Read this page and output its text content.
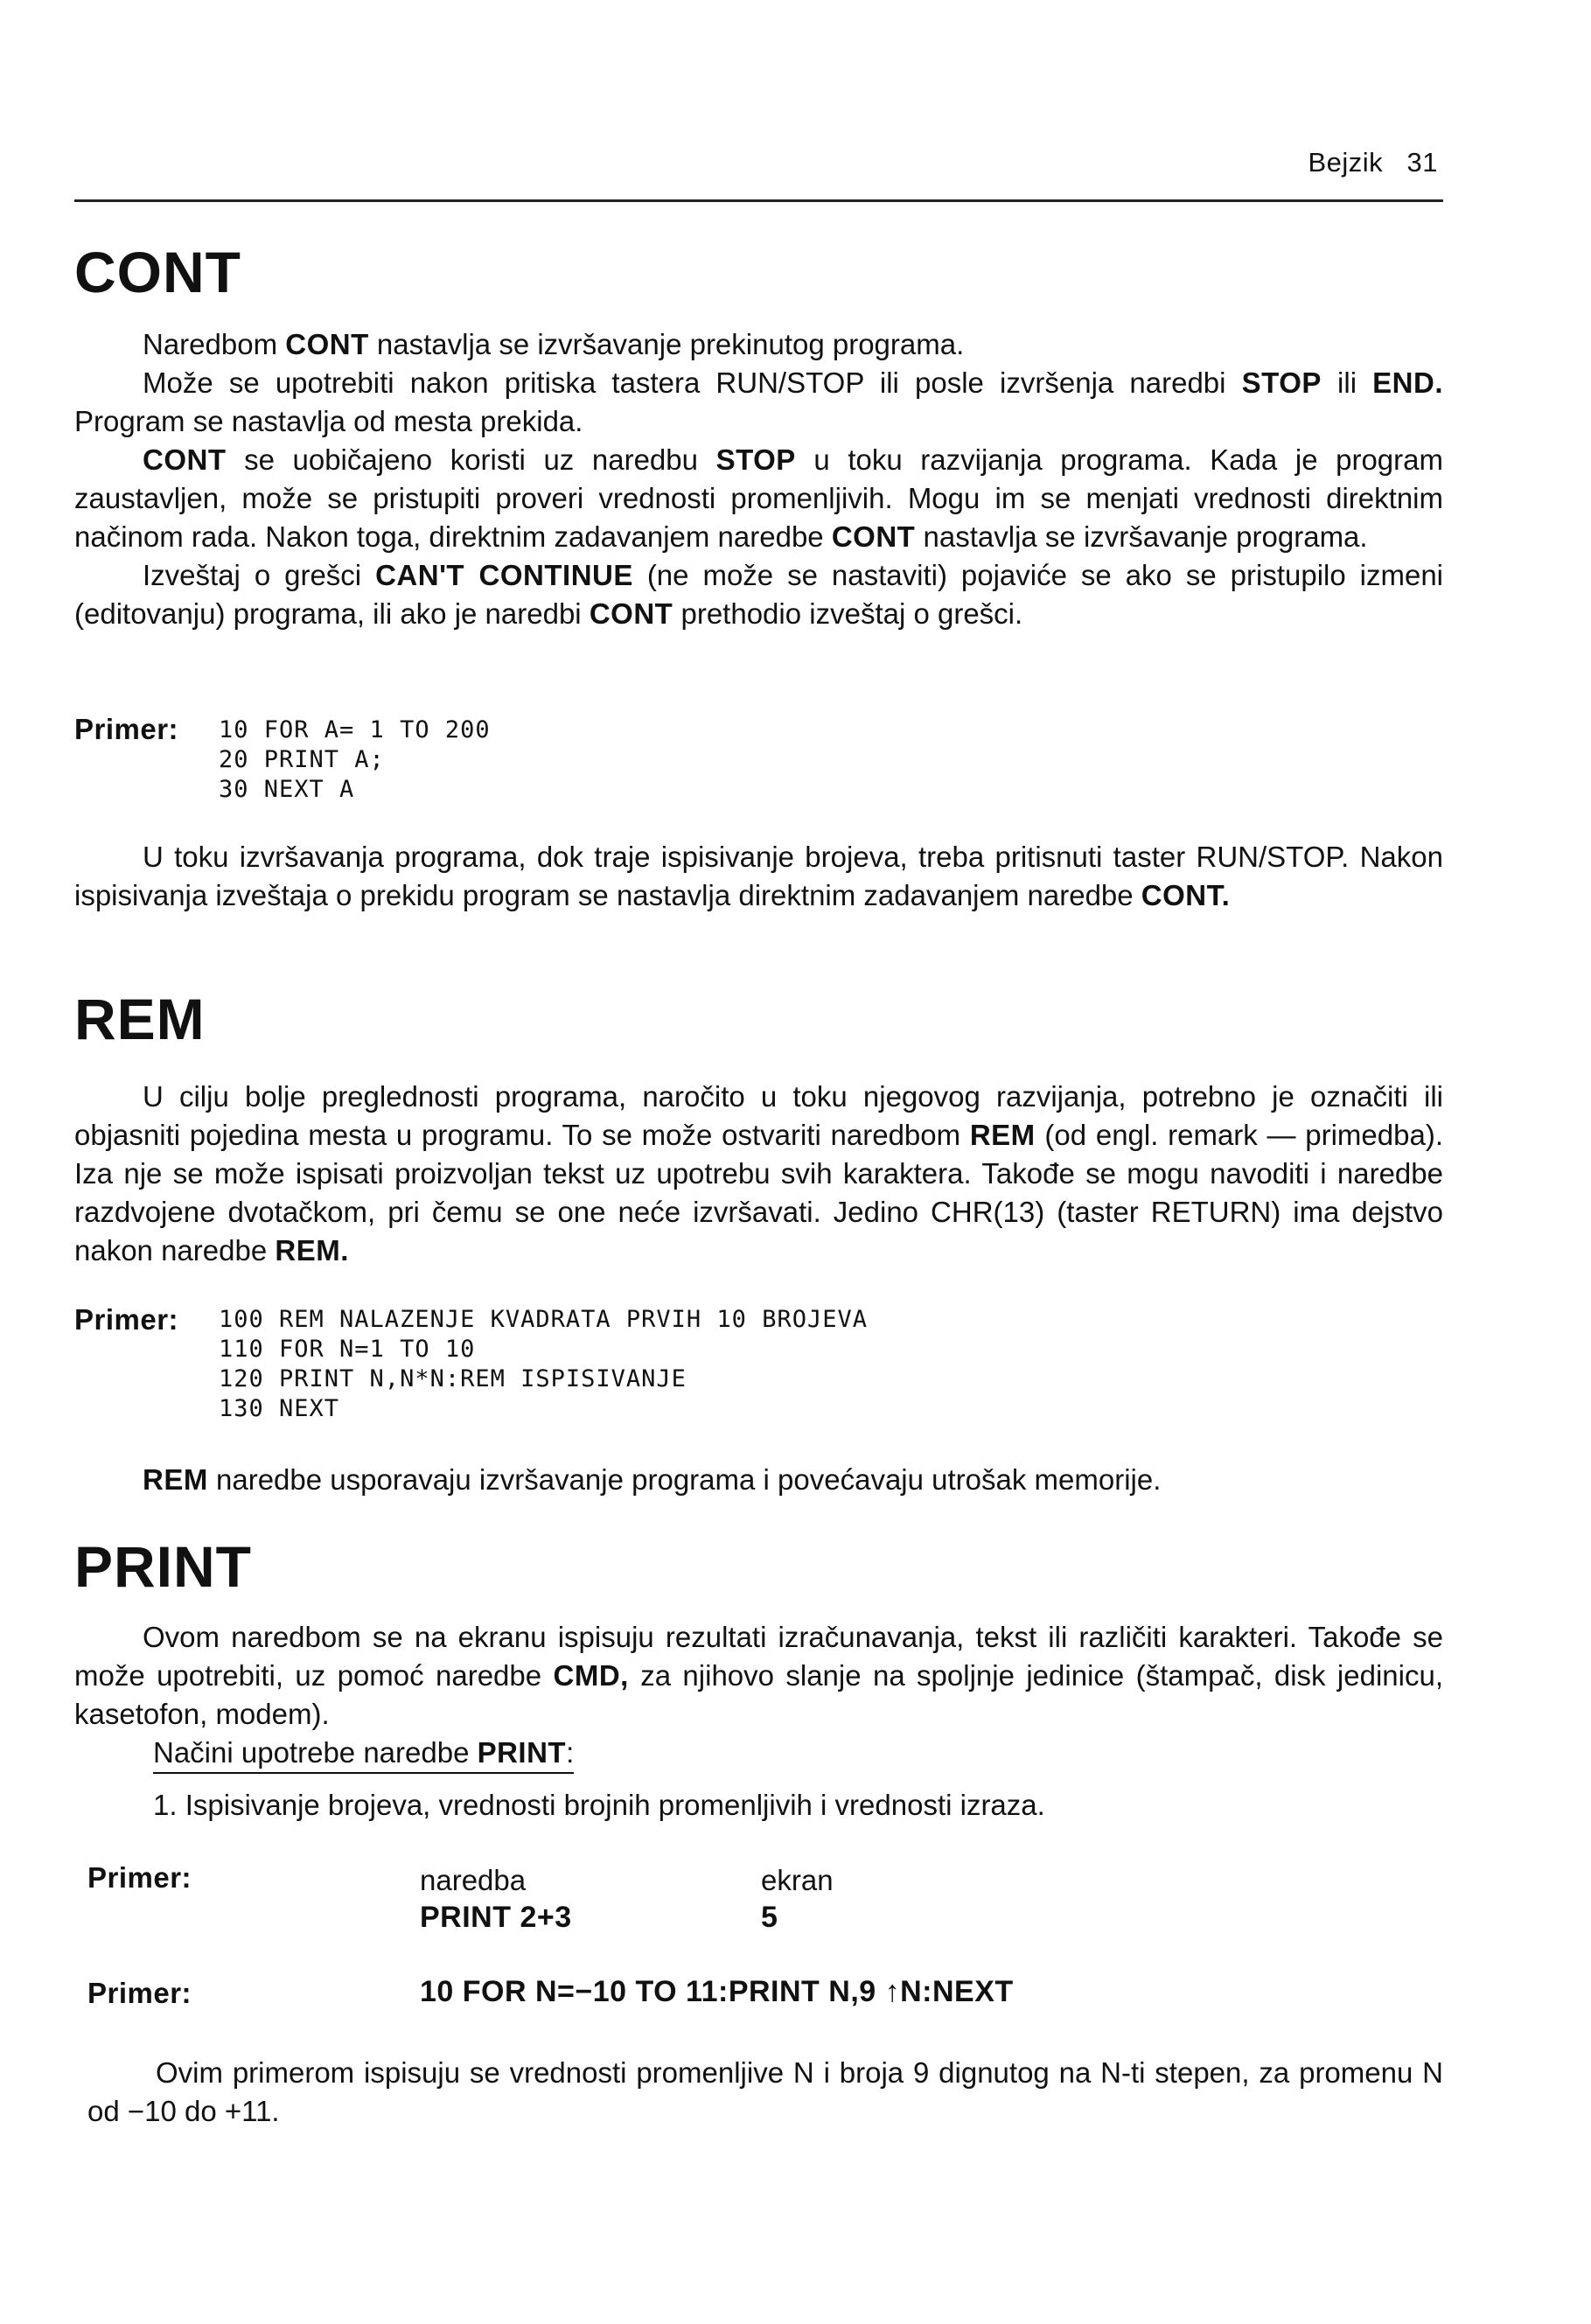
Bejzik 31
CONT

Naredbom CONT nastavlja se izvršavanje prekinutog programa.

Može se upotrebiti nakon pritiska tastera RUN/STOP ili posle izvršenja naredbi STOP ili END. Program se nastavlja od mesta prekida.

CONT se uobičajeno koristi uz naredbu STOP u toku razvijanja programa. Kada je program zaustavljen, može se pristupiti proveri vrednosti promenljivih. Mogu im se menjati vrednosti direktnim načinom rada. Nakon toga, direktnim zadavanjem naredbe CONT nastavlja se izvršavanje programa.

Izveštaj o grešci CAN'T CONTINUE (ne može se nastaviti) pojaviće se ako se pristupilo izmeni (editovanju) programa, ili ako je naredbi CONT prethodio izveštaj o grešci.

Primer: 10 FOR A= 1 TO 200
20 PRINT A;
30 NEXT A

U toku izvršavanja programa, dok traje ispisivanje brojeva, treba pritisnuti taster RUN/STOP. Nakon ispisivanja izveštaja o prekidu program se nastavlja direktnim zadavanjem naredbe CONT.

REM

U cilju bolje preglednosti programa, naročito u toku njegovog razvijanja, potrebno je označiti ili objasniti pojedina mesta u programu. To se može ostvariti naredbom REM (od engl. remark — primedba). Iza nje se može ispisati proizvoljan tekst uz upotrebu svih karaktera. Takođe se mogu navoditi i naredbe razdvojene dvotačkom, pri čemu se one neće izvršavati. Jedino CHR(13) (taster RETURN) ima dejstvo nakon naredbe REM.

Primer: 100 REM NALAZENJE KVADRATA PRVIH 10 BROJEVA
110 FOR N=1 TO 10
120 PRINT N,N*N:REM ISPISIVANJE
130 NEXT

REM naredbe usporavaju izvršavanje programa i povećavaju utrošak memorije.

PRINT

Ovom naredbom se na ekranu ispisuju rezultati izračunavanja, tekst ili različiti karakteri. Takođe se može upotrebiti, uz pomoć naredbe CMD, za njihovo slanje na spoljnje jedinice (štampač, disk jedinicu, kasetofon, modem).

Načini upotrebe naredbe PRINT:
1. Ispisivanje brojeva, vrednosti brojnih promenljivih i vrednosti izraza.
Primer:	naredba	ekran
PRINT 2+3	5
Primer:	10 FOR N=−10 TO 11:PRINT N,9 ↑N:NEXT

Ovim primerom ispisuju se vrednosti promenljive N i broja 9 dignutog na N-ti stepen, za promenu N od −10 do +11.
